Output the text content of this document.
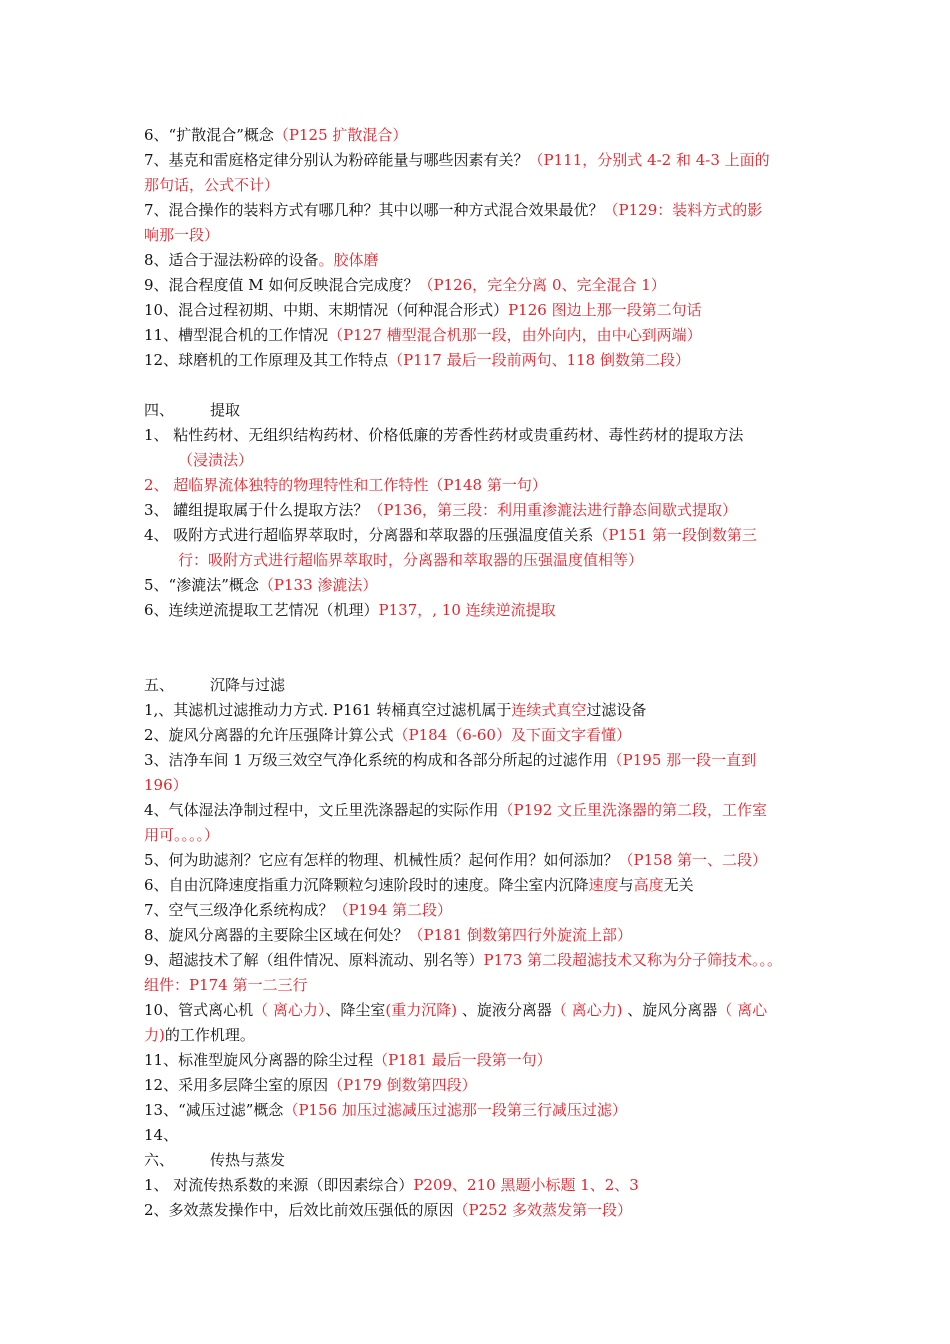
6、“扩散混合”概念（P125 扩散混合）
7、基克和雷庭格定律分别认为粉碎能量与哪些因素有关？（P111，分别式 4-2 和 4-3 上面的
那句话，公式不计）
7、混合操作的装料方式有哪几种？其中以哪一种方式混合效果最优？（P129：装料方式的影
响那一段）
8、适合于湿法粉碎的设备。胶体磨
9、混合程度值 M 如何反映混合完成度？（P126，完全分离 0、完全混合 1）
10、混合过程初期、中期、末期情况（何种混合形式）P126 图边上那一段第二句话
11、槽型混合机的工作情况（P127 槽型混合机那一段，由外向内，由中心到两端）
12、球磨机的工作原理及其工作特点（P117 最后一段前两句、118 倒数第二段）
四、 提取
1、 粘性药材、无组织结构药材、价格低廉的芳香性药材或贵重药材、毒性药材的提取方法
（浸渍法）
2、 超临界流体独特的物理特性和工作特性（P148 第一句）
3、 罐组提取属于什么提取方法？（P136，第三段：利用重渗漉法进行静态间歇式提取）
4、 吸附方式进行超临界萃取时，分离器和萃取器的压强温度值关系（P151 第一段倒数第三
行：吸附方式进行超临界萃取时，分离器和萃取器的压强温度值相等）
5、“渗漉法”概念（P133 渗漉法）
6、连续逆流提取工艺情况（机理）P137，, 10 连续逆流提取
五、 沉降与过滤
1,、其滤机过滤推动力方式. P161 转桶真空过滤机属于连续式真空过滤设备
2、旋风分离器的允许压强降计算公式（P184（6-60）及下面文字看懂）
3、洁净车间 1 万级三效空气净化系统的构成和各部分所起的过滤作用（P195 那一段一直到
196）
4、气体湿法净制过程中，文丘里洗涤器起的实际作用（P192 文丘里洗涤器的第二段，工作室
用可。。。。）
5、何为助滤剂？它应有怎样的物理、机械性质？起何作用？如何添加？（P158 第一、二段）
6、自由沉降速度指重力沉降颗粒匀速阶段时的速度。降尘室内沉降速度与高度无关
7、空气三级净化系统构成？（P194 第二段）
8、旋风分离器的主要除尘区域在何处？（P181 倒数第四行外旋流上部）
9、超滤技术了解（组件情况、原料流动、别名等）P173 第二段超滤技术又称为分子筛技术。。。
组件：P174 第一二三行
10、管式离心机（ 离心力）、降尘室(重力沉降) 、旋液分离器（ 离心力) 、旋风分离器（ 离心
力)的工作机理。
11、标准型旋风分离器的除尘过程（P181 最后一段第一句）
12、采用多层降尘室的原因（P179 倒数第四段）
13、“减压过滤”概念（P156 加压过滤减压过滤那一段第三行减压过滤）
14、
六、 传热与蒸发
1、 对流传热系数的来源（即因素综合）P209、210 黑题小标题 1、2、3
2、多效蒸发操作中，后效比前效压强低的原因（P252 多效蒸发第一段）
